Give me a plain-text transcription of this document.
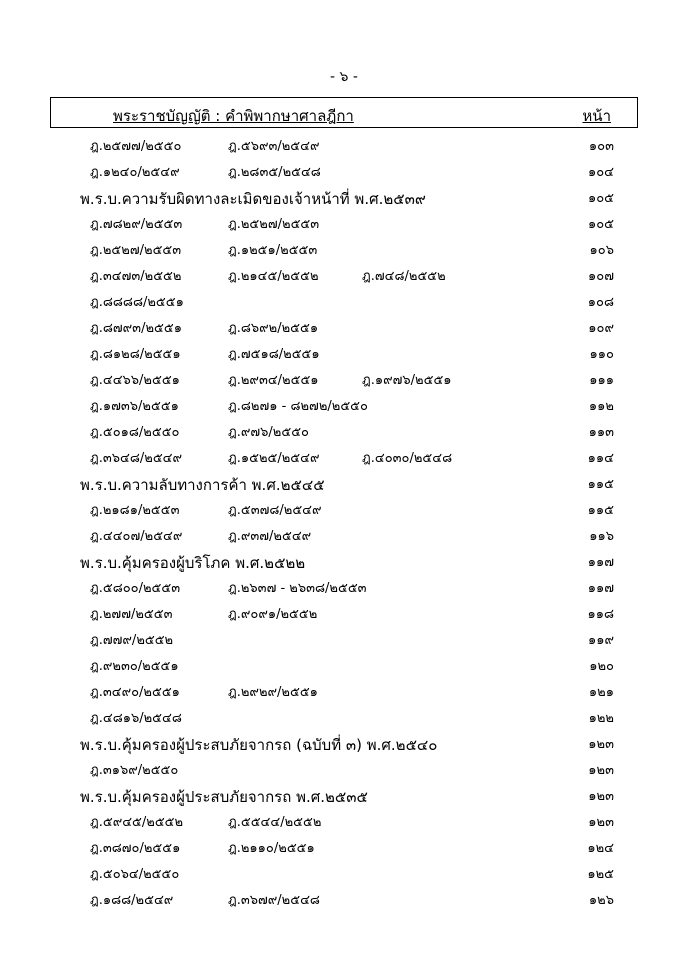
- ๖ -
พระราชบัญญัติ : คำพิพากษาศาลฎีกา	หน้า
ฎ.๒๕๗๗/๒๕๕๐	ฎ.๕๖๙๓/๒๕๔๙	๑๐๓
ฎ.๑๒๔๐/๒๕๔๙	ฎ.๒๘๓๕/๒๕๔๘	๑๐๔
พ.ร.บ.ความรับผิดทางละเมิดของเจ้าหน้าที่ พ.ศ.๒๕๓๙	๑๐๕
ฎ.๗๘๒๙/๒๕๕๓	ฎ.๒๕๒๗/๒๕๕๓	๑๐๕
ฎ.๒๕๒๗/๒๕๕๓	ฎ.๑๒๕๑/๒๕๕๓	๑๐๖
ฎ.๓๔๗๓/๒๕๕๒	ฎ.๒๑๔๕/๒๕๕๒	ฎ.๗๔๘/๒๕๕๒	๑๐๗
ฎ.๘๘๘๘/๒๕๕๑	๑๐๘
ฎ.๘๗๙๓/๒๕๕๑	ฎ.๘๖๙๒/๒๕๕๑	๑๐๙
ฎ.๘๑๒๘/๒๕๕๑	ฎ.๗๕๑๘/๒๕๕๑	๑๑๐
ฎ.๔๔๖๖/๒๕๕๑	ฎ.๒๙๓๔/๒๕๕๑	ฎ.๑๙๗๖/๒๕๕๑	๑๑๑
ฎ.๑๗๓๖/๒๕๕๑	ฎ.๘๒๗๑ - ๘๒๗๒/๒๕๕๐	๑๑๒
ฎ.๕๐๑๘/๒๕๕๐	ฎ.๙๗๖/๒๕๕๐	๑๑๓
ฎ.๓๖๔๘/๒๕๔๙	ฎ.๑๕๒๕/๒๕๔๙	ฎ.๔๐๓๐/๒๕๔๘	๑๑๔
พ.ร.บ.ความลับทางการค้า พ.ศ.๒๕๔๕	๑๑๕
ฎ.๒๑๘๑/๒๕๕๓	ฎ.๕๓๗๘/๒๕๔๙	๑๑๕
ฎ.๔๔๐๗/๒๕๔๙	ฎ.๙๓๗/๒๕๔๙	๑๑๖
พ.ร.บ.คุ้มครองผู้บริโภค พ.ศ.๒๕๒๒	๑๑๗
ฎ.๕๘๐๐/๒๕๕๓	ฎ.๒๖๓๗ - ๒๖๓๘/๒๕๕๓	๑๑๗
ฎ.๒๗๗/๒๕๕๓	ฎ.๙๐๙๑/๒๕๕๒	๑๑๘
ฎ.๗๗๙/๒๕๕๒	๑๑๙
ฎ.๙๒๓๐/๒๕๕๑	๑๒๐
ฎ.๓๔๙๐/๒๕๕๑	ฎ.๒๙๒๙/๒๕๕๑	๑๒๑
ฎ.๔๘๑๖/๒๕๔๘	๑๒๒
พ.ร.บ.คุ้มครองผู้ประสบภัยจากรถ (ฉบับที่ ๓) พ.ศ.๒๕๔๐	๑๒๓
ฎ.๓๑๖๙/๒๕๕๐	๑๒๓
พ.ร.บ.คุ้มครองผู้ประสบภัยจากรถ พ.ศ.๒๕๓๕	๑๒๓
ฎ.๕๙๔๕/๒๕๕๒	ฎ.๕๕๔๔/๒๕๕๒	๑๒๓
ฎ.๓๘๗๐/๒๕๕๑	ฎ.๒๑๑๐/๒๕๕๑	๑๒๔
ฎ.๕๐๖๔/๒๕๕๐	๑๒๕
ฎ.๑๘๘/๒๕๔๙	ฎ.๓๖๗๙/๒๕๔๘	๑๒๖
